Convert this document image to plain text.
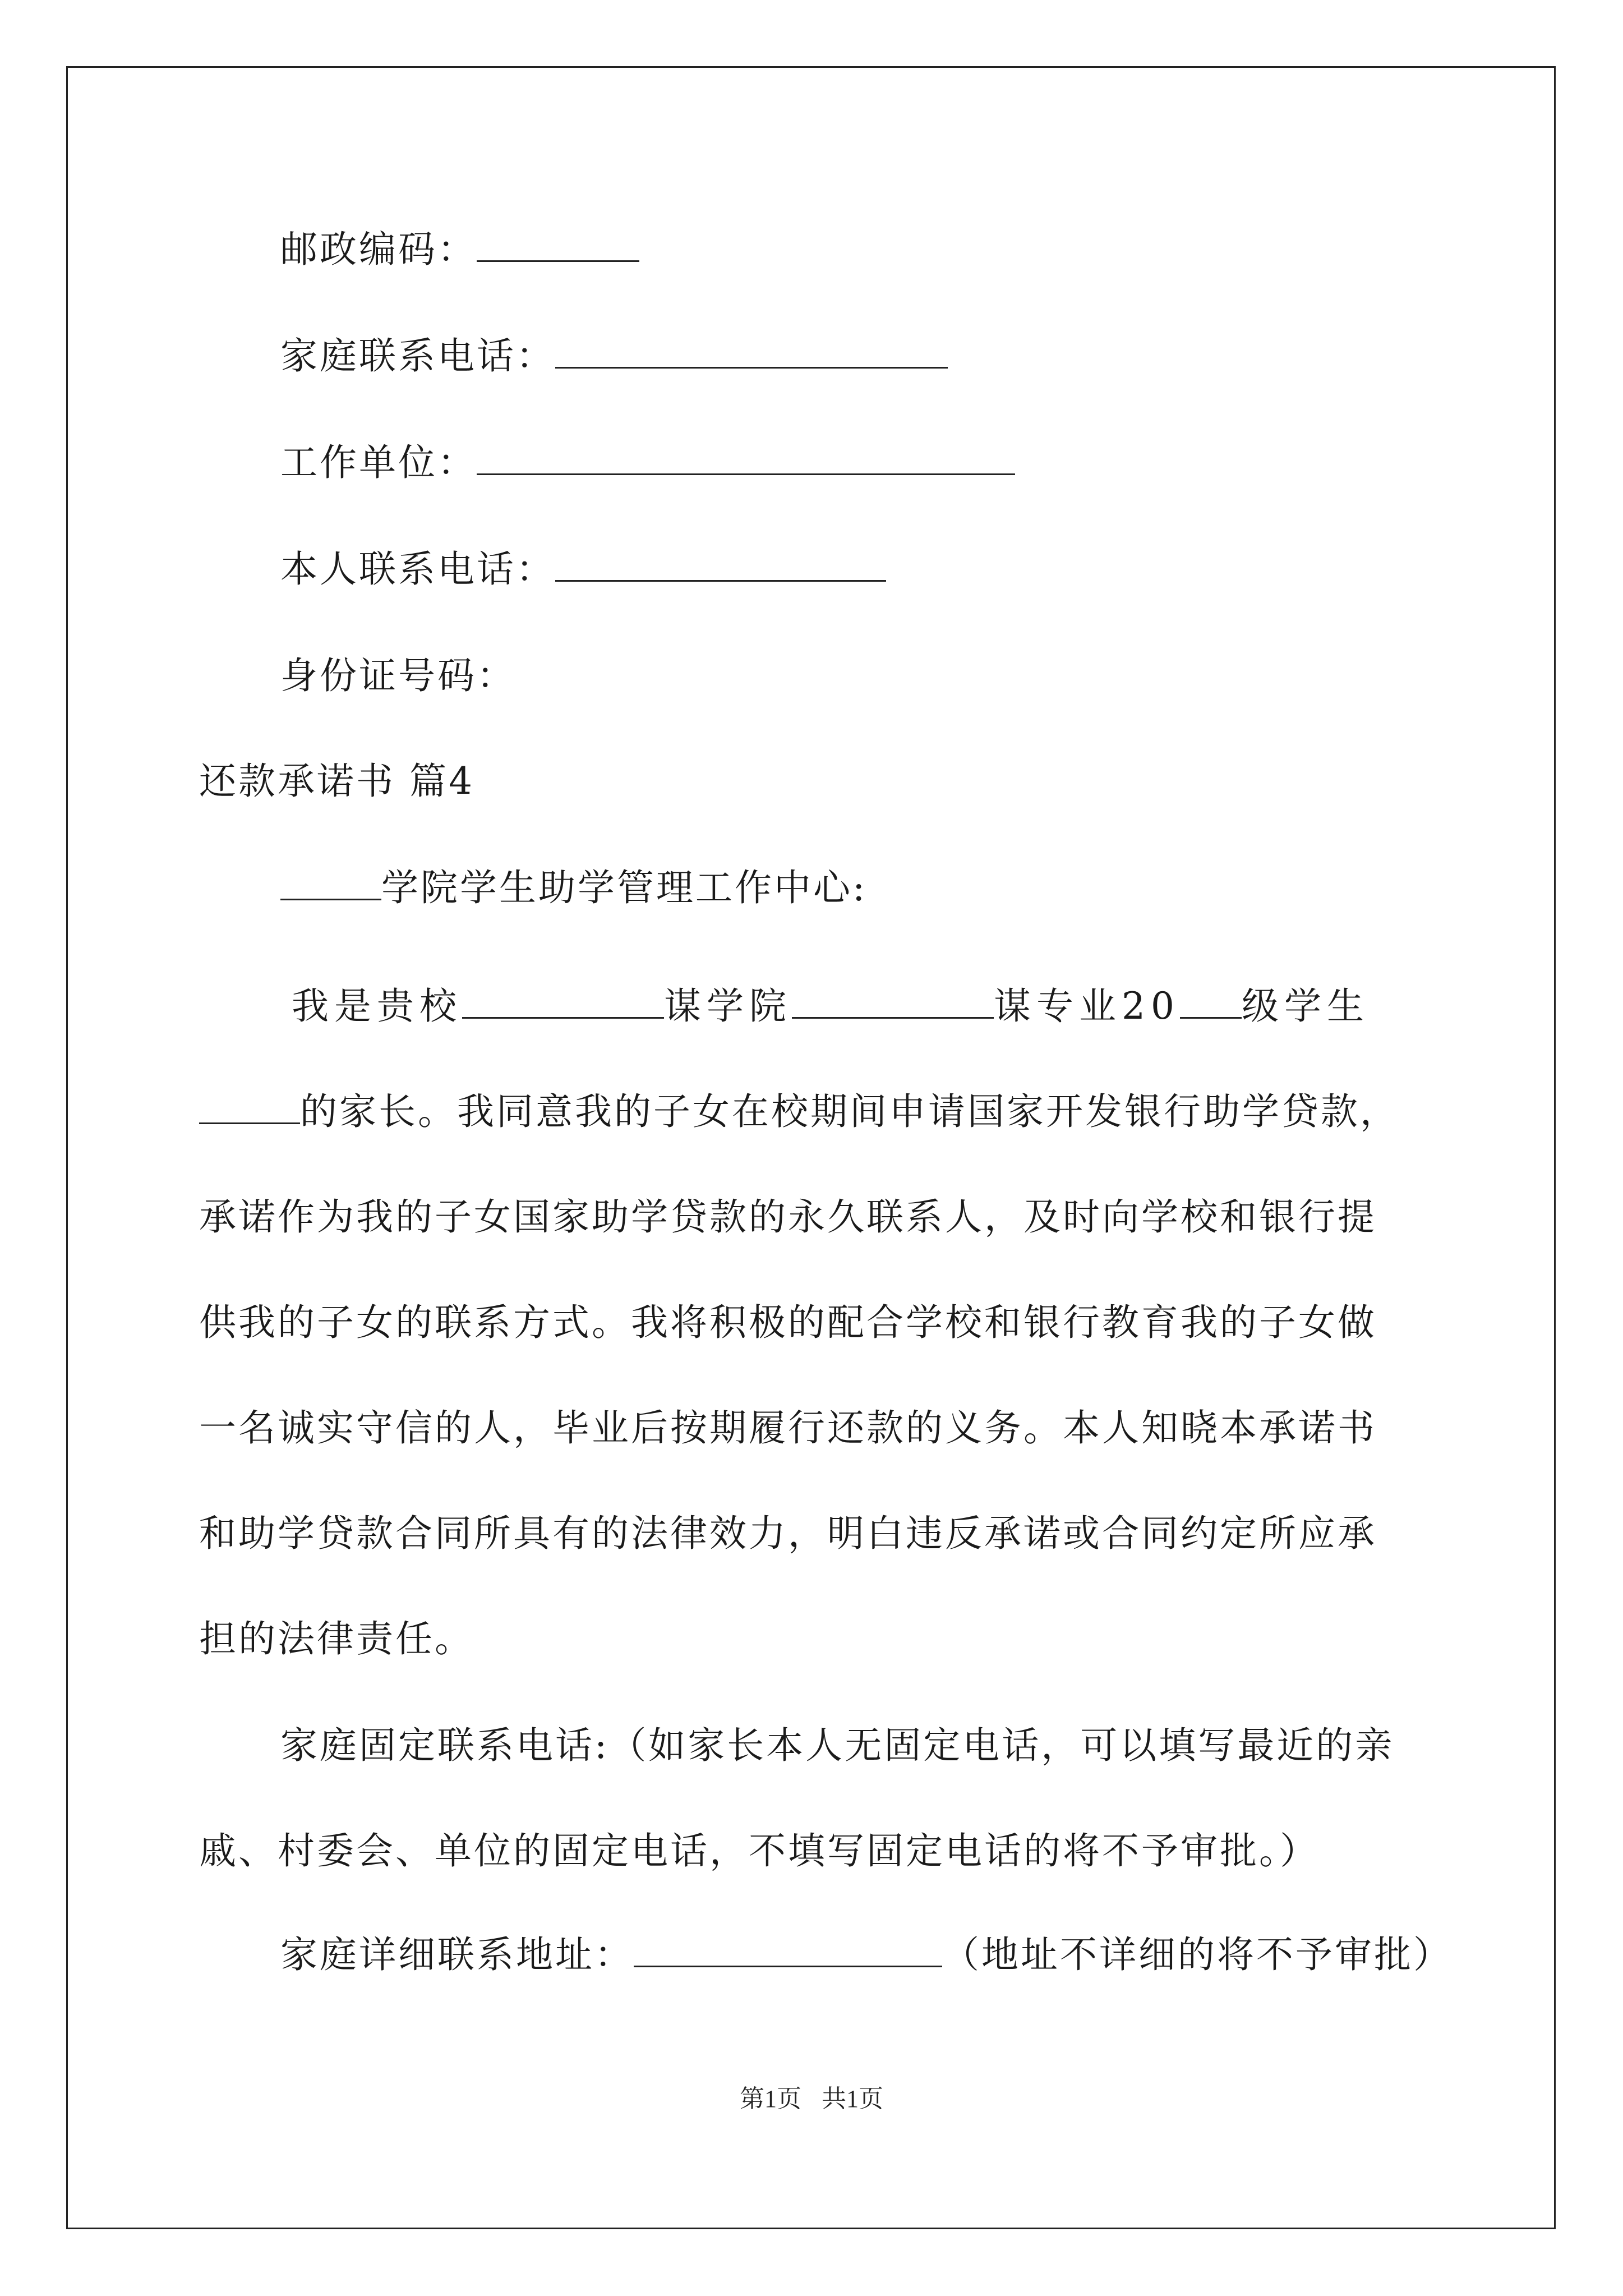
邮政编码：
家庭联系电话：
工作单位：
本人联系电话：
身份证号码：
还款承诺书 篇4
学院学生助学管理工作中心:
我是贵校	谋学院	谋专业20 级学生
的家长。我同意我的子女在校期间申请国家开发银行助学贷款，
承诺作为我的子女国家助学贷款的永久联系人，及时向学校和银行提
供我的子女的联系方式。我将积极的配合学校和银行教育我的子女做
一名诚实守信的人，毕业后按期履行还款的义务。本人知晓本承诺书
和助学贷款合同所具有的法律效力，明白违反承诺或合同约定所应承
担的法律责任。
家庭固定联系电话:（如家长本人无固定电话，可以填写最近的亲
戚、村委会、单位的固定电话，不填写固定电话的将不予审批。）
家庭详细联系地址：	（地址不详细的将不予审批）
第1页 共1页
